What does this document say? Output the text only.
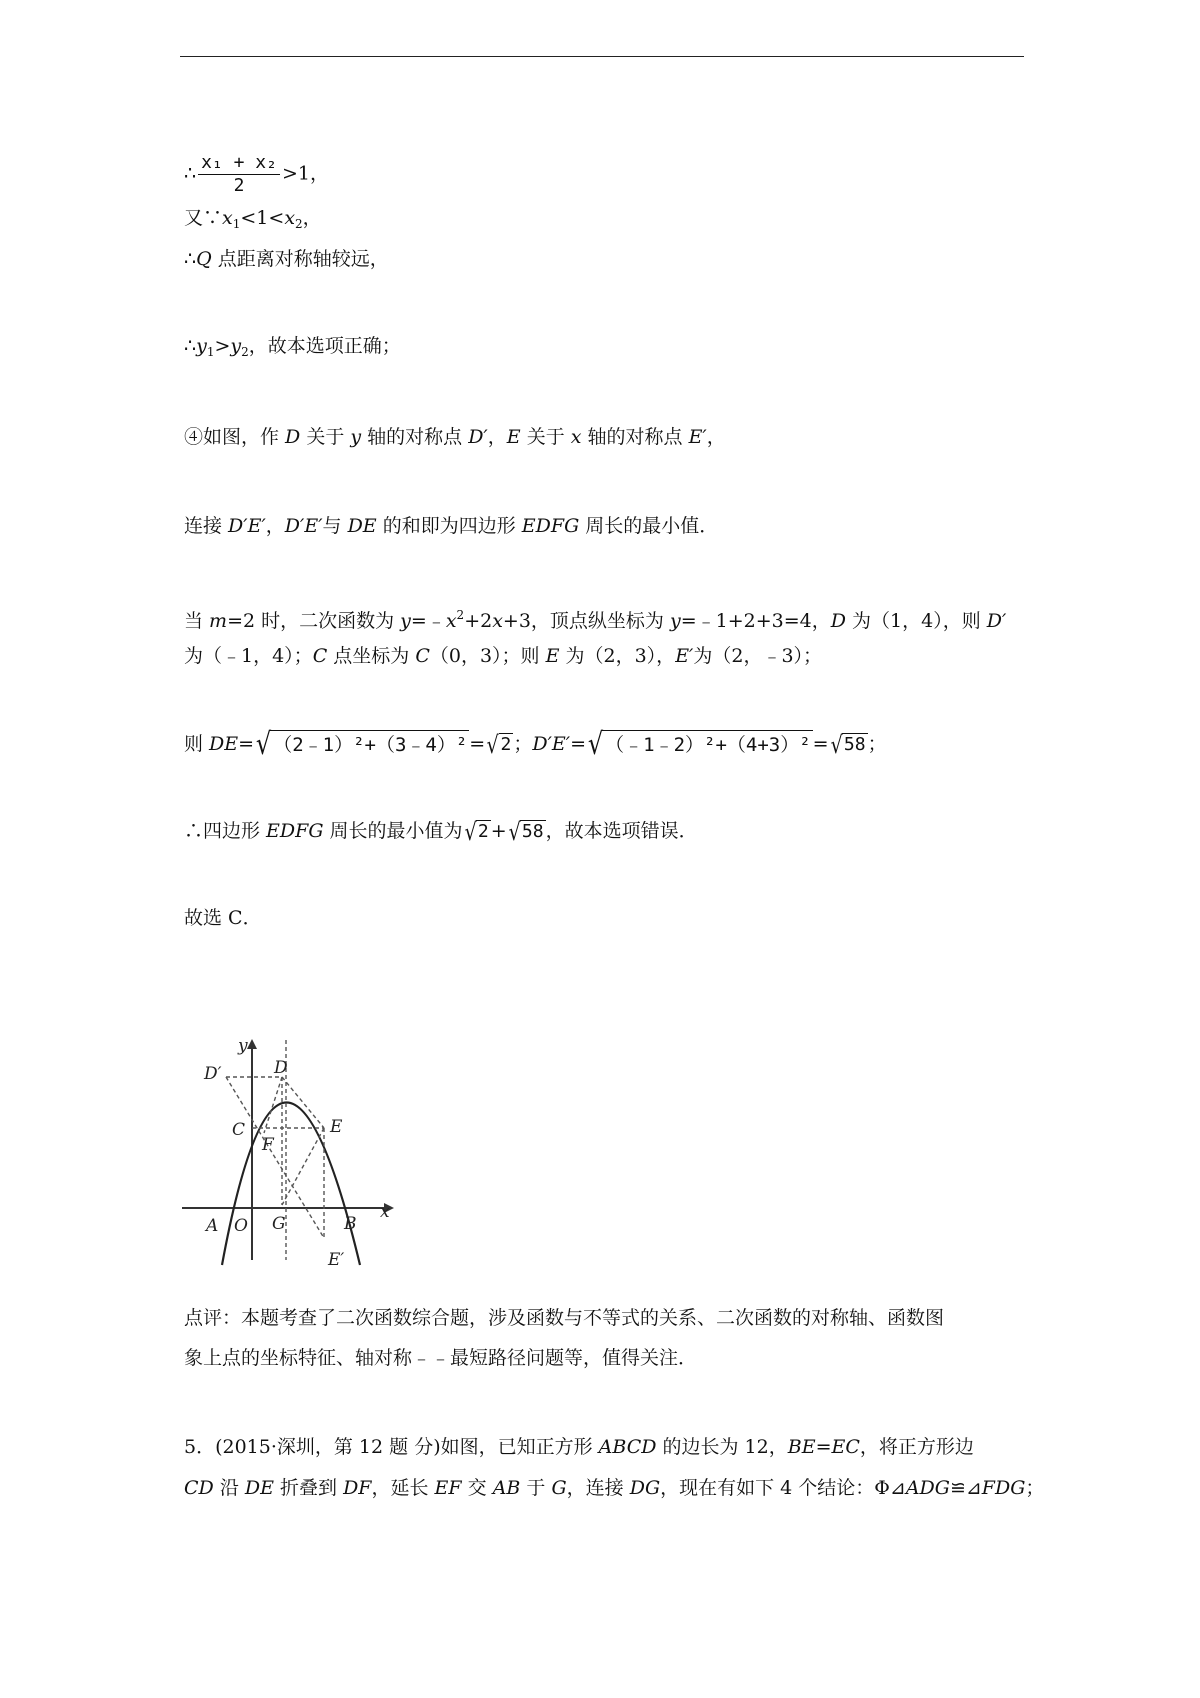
∴ $\frac{\text{x₁ + x₂}}{2} >1$，
又$\because x_1<1<x_2$，
∴Q 点距离对称轴较远，
$\therefore y_1>y_2$，故本选项正确；
④如图，作 D 关于 y 轴的对称点 D′，E 关于 x 轴的对称点 E′，
连接 D′E′，D′E′与 DE 的和即为四边形 EDFG 周长的最小值．
当 m=2 时，二次函数为 $y=﹣x^2+2x+3$，顶点纵坐标为 y=﹣1+2+3=4，D 为（1，4），则 D′
为（﹣1，4）；C 点坐标为 C（0，3）；则 E 为（2，3），E′为（2，﹣3）；
则 DE= √ （2﹣1）²+（3﹣4）² = √ 2 ；D′E′= √ （﹣1﹣2）²+（4+3）² = √ 58 ；
∴四边形 EDFG 周长的最小值为 √ 2 + √ 58 ，故本选项错误．
故选 C．
y
x
D′	D
C	E
F
A O G	B
E′
点评：本题考查了二次函数综合题，涉及函数与不等式的关系、二次函数的对称轴、函数图
象上点的坐标特征、轴对称﹣﹣最短路径问题等，值得关注．
5．(2015·深圳，第 12 题 分)如图，已知正方形 ABCD 的边长为 12，BE=EC，将正方形边
CD 沿 DE 折叠到 DF，延长 EF 交 AB 于 G，连接 DG，现在有如下 4 个结论：Φ⊿ADG≌⊿FDG；
